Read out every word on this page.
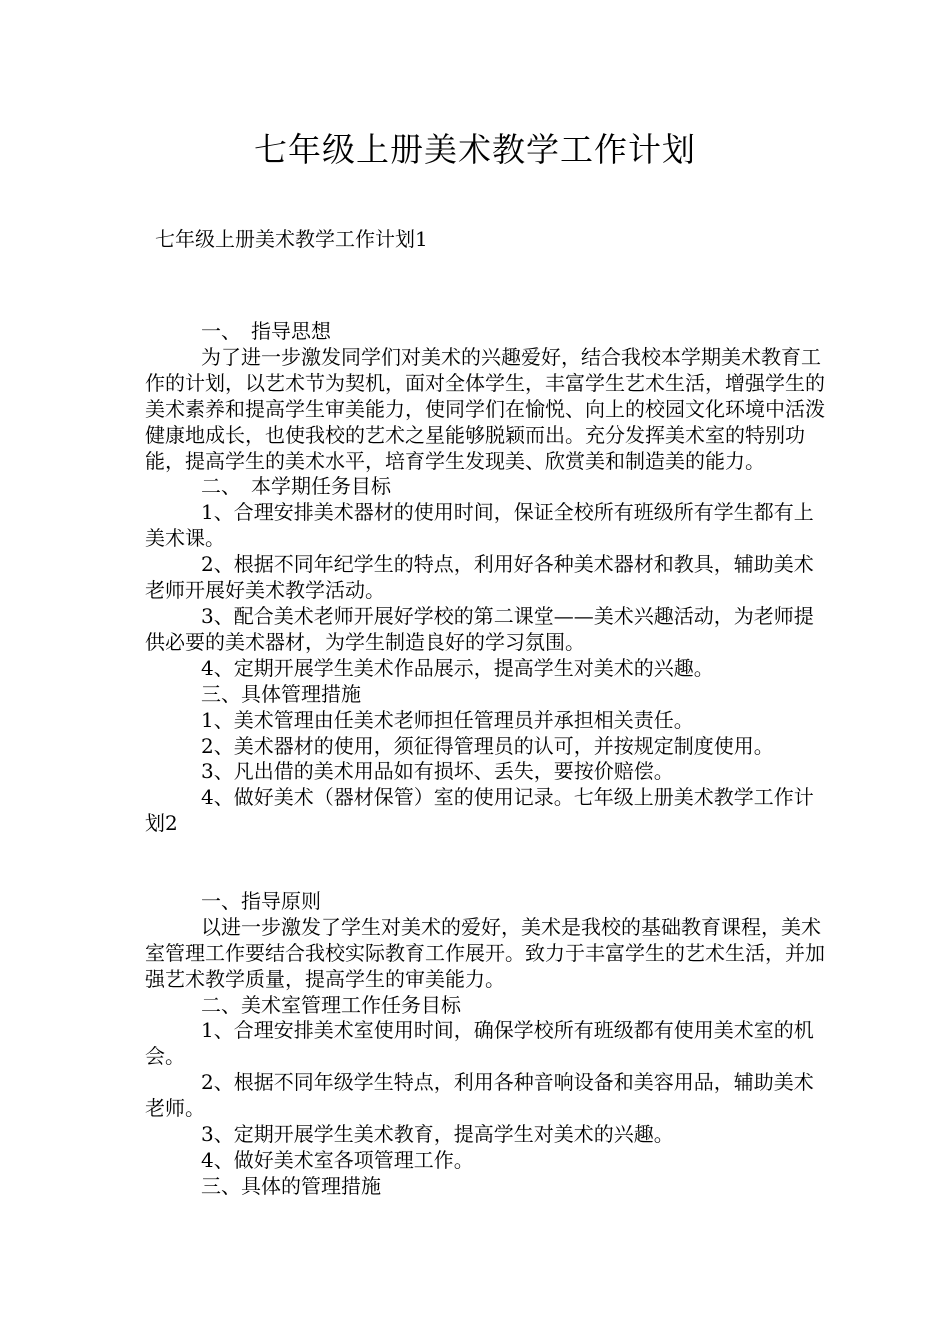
七年级上册美术教学工作计划
七年级上册美术教学工作计划1

一、　指导思想

为了进一步激发同学们对美术的兴趣爱好，结合我校本学期美术教育工作的计划，以艺术节为契机，面对全体学生，丰富学生艺术生活，增强学生的美术素养和提高学生审美能力，使同学们在愉悦、向上的校园文化环境中活泼健康地成长，也使我校的艺术之星能够脱颖而出。充分发挥美术室的特别功能，提高学生的美术水平，培育学生发现美、欣赏美和制造美的能力。

二、　本学期任务目标

1、合理安排美术器材的使用时间，保证全校所有班级所有学生都有上美术课。

2、根据不同年纪学生的特点，利用好各种美术器材和教具，辅助美术老师开展好美术教学活动。

3、配合美术老师开展好学校的第二课堂——美术兴趣活动，为老师提供必要的美术器材，为学生制造良好的学习氛围。

4、定期开展学生美术作品展示，提高学生对美术的兴趣。

三、具体管理措施

1、美术管理由任美术老师担任管理员并承担相关责任。

2、美术器材的使用，须征得管理员的认可，并按规定制度使用。

3、凡出借的美术用品如有损坏、丢失，要按价赔偿。

4、做好美术（器材保管）室的使用记录。七年级上册美术教学工作计划2

一、指导原则

以进一步激发了学生对美术的爱好，美术是我校的基础教育课程，美术室管理工作要结合我校实际教育工作展开。致力于丰富学生的艺术生活，并加强艺术教学质量，提高学生的审美能力。

二、美术室管理工作任务目标

1、合理安排美术室使用时间，确保学校所有班级都有使用美术室的机会。

2、根据不同年级学生特点，利用各种音响设备和美容用品，辅助美术老师。

3、定期开展学生美术教育，提高学生对美术的兴趣。

4、做好美术室各项管理工作。

三、具体的管理措施
